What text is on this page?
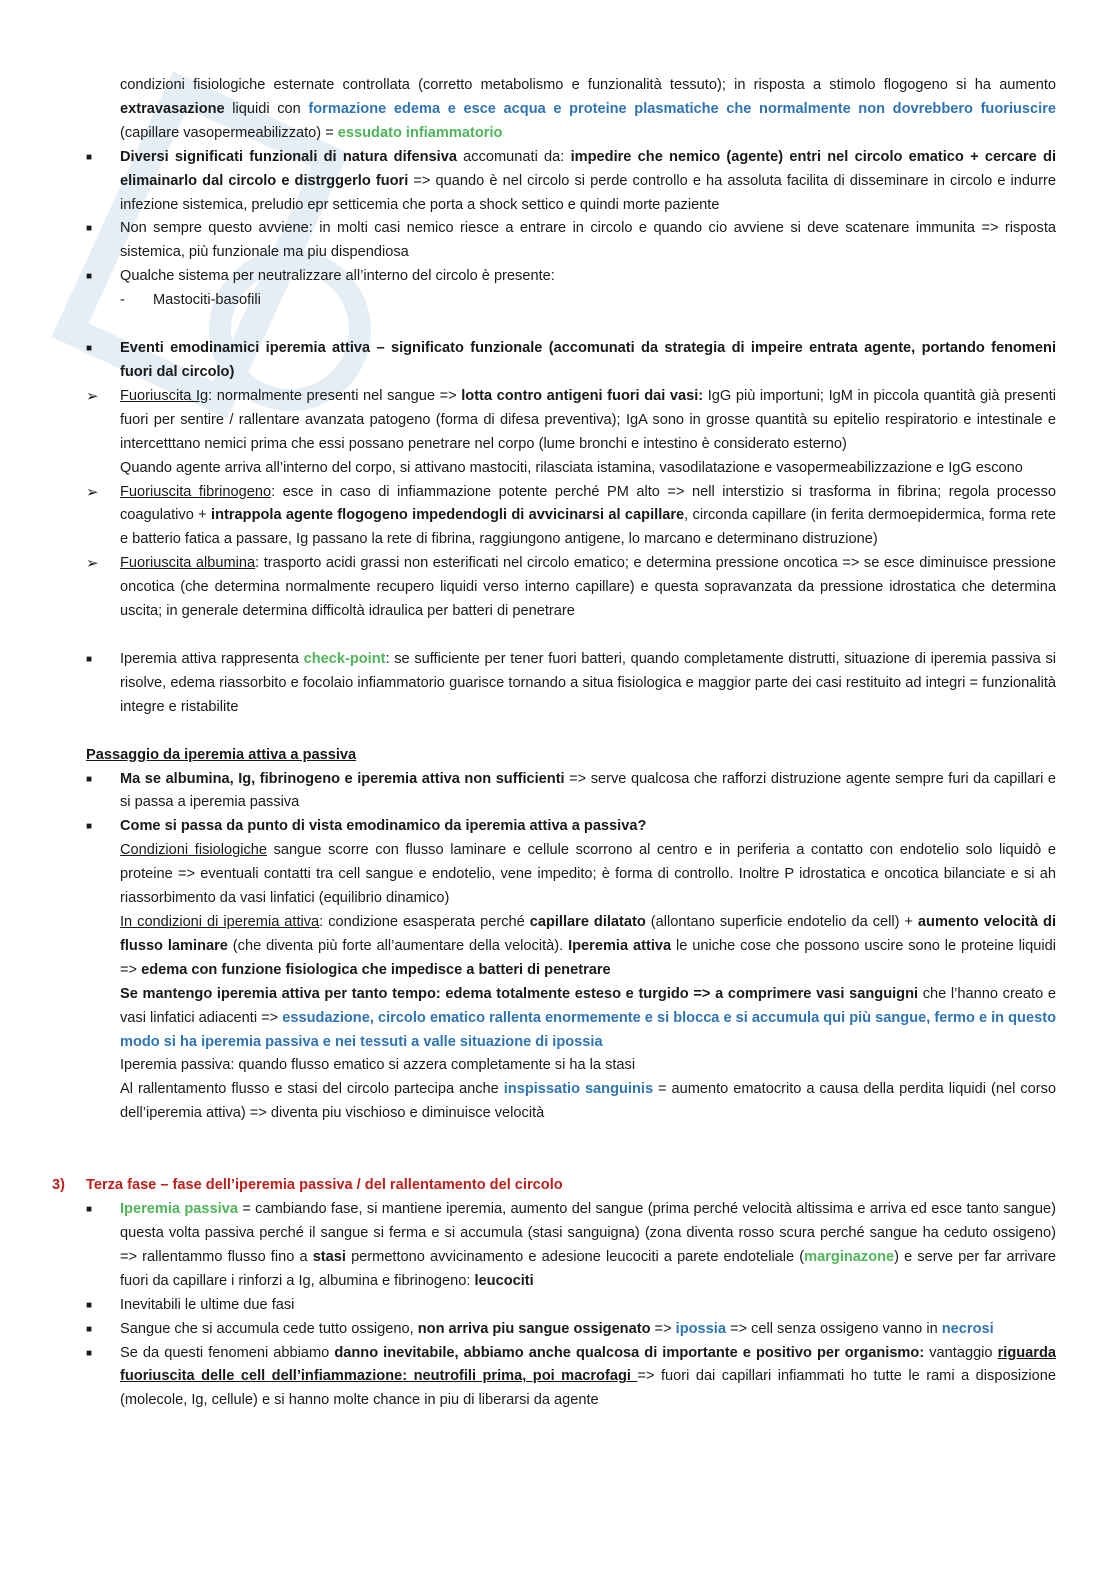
condizioni fisiologiche esternate controllata (corretto metabolismo e funzionalità tessuto); in risposta a stimolo flogogeno si ha aumento extravasazione liquidi con formazione edema e esce acqua e proteine plasmatiche che normalmente non dovrebbero fuoriuscire (capillare vasopermeabilizzato) = essudato infiammatorio

■	Diversi significati funzionali di natura difensiva accomunati da: impedire che nemico (agente) entri nel circolo ematico + cercare di elimainarlo dal circolo e distrggerlo fuori => quando è nel circolo si perde controllo e ha assoluta facilita di disseminare in circolo e indurre infezione sistemica, preludio epr setticemia che porta a shock settico e quindi morte paziente
■	Non sempre questo avviene: in molti casi nemico riesce a entrare in circolo e quando cio avviene si deve scatenare immunita => risposta sistemica, più funzionale ma piu dispendiosa
■	Qualche sistema per neutralizzare all’interno del circolo è presente:
-	Mastociti-basofili
■	Eventi emodinamici iperemia attiva – significato funzionale (accomunati da strategia di impeire entrata agente, portando fenomeni fuori dal circolo)
➢	Fuoriuscita Ig: normalmente presenti nel sangue => lotta contro antigeni fuori dai vasi: IgG più importuni; IgM in piccola quantità già presenti fuori per sentire / rallentare avanzata patogeno (forma di difesa preventiva); IgA sono in grosse quantità su epitelio respiratorio e intestinale e intercetttano nemici prima che essi possano penetrare nel corpo (lume bronchi e intestino è considerato esterno)
Quando agente arriva all’interno del corpo, si attivano mastociti, rilasciata istamina, vasodilatazione e vasopermeabilizzazione e IgG escono
➢	Fuoriuscita fibrinogeno: esce in caso di infiammazione potente perché PM alto => nell interstizio si trasforma in fibrina; regola processo coagulativo + intrappola agente flogogeno impedendogli di avvicinarsi al capillare, circonda capillare (in ferita dermoepidermica, forma rete e batterio fatica a passare, Ig passano la rete di fibrina, raggiungono antigene, lo marcano e determinano distruzione)
➢	Fuoriuscita albumina: trasporto acidi grassi non esterificati nel circolo ematico; e determina pressione oncotica => se esce diminuisce pressione oncotica (che determina normalmente recupero liquidi verso interno capillare) e questa sopravanzata da pressione idrostatica che determina uscita; in generale determina difficoltà idraulica per batteri di penetrare
■	Iperemia attiva rappresenta check-point: se sufficiente per tener fuori batteri, quando completamente distrutti, situazione di iperemia passiva si risolve, edema riassorbito e focolaio infiammatorio guarisce tornando a situa fisiologica e maggior parte dei casi restituito ad integri = funzionalità integre e ristabilite
Passaggio da iperemia attiva a passiva
■	Ma se albumina, Ig, fibrinogeno e iperemia attiva non sufficienti => serve qualcosa che rafforzi distruzione agente sempre furi da capillari e si passa a iperemia passiva
■	Come si passa da punto di vista emodinamico da iperemia attiva a passiva?
Condizioni fisiologiche sangue scorre con flusso laminare e cellule scorrono al centro e in periferia a contatto con endotelio solo liquidò e proteine => eventuali contatti tra cell sangue e endotelio, vene impedito; è forma di controllo. Inoltre P idrostatica e oncotica bilanciate e si ah riassorbimento da vasi linfatici (equilibrio dinamico)
In condizioni di iperemia attiva: condizione esasperata perché capillare dilatato (allontano superficie endotelio da cell) + aumento velocità di flusso laminare (che diventa più forte all’aumentare della velocità). Iperemia attiva le uniche cose che possono uscire sono le proteine liquidi => edema con funzione fisiologica che impedisce a batteri di penetrare
Se mantengo iperemia attiva per tanto tempo: edema totalmente esteso e turgido => a comprimere vasi sanguigni che l’hanno creato e vasi linfatici adiacenti => essudazione, circolo ematico rallenta enormemente e si blocca e si accumula qui più sangue, fermo e in questo modo si ha iperemia passiva e nei tessuti a valle situazione di ipossia
Iperemia passiva: quando flusso ematico si azzera completamente si ha la stasi
Al rallentamento flusso e stasi del circolo partecipa anche inspissatio sanguinis = aumento ematocrito a causa della perdita liquidi (nel corso dell’iperemia attiva) => diventa piu vischioso e diminuisce velocità
3) Terza fase – fase dell’iperemia passiva / del rallentamento del circolo
■	Iperemia passiva = cambiando fase, si mantiene iperemia, aumento del sangue (prima perché velocità altissima e arriva ed esce tanto sangue) questa volta passiva perché il sangue si ferma e si accumula (stasi sanguigna) (zona diventa rosso scura perché sangue ha ceduto ossigeno) => rallentammo flusso fino a stasi permettono avvicinamento e adesione leucociti a parete endoteliale (marginazone) e serve per far arrivare fuori da capillare i rinforzi a Ig, albumina e fibrinogeno: leucociti
■	Inevitabili le ultime due fasi
■	Sangue che si accumula cede tutto ossigeno, non arriva piu sangue ossigenato => ipossia => cell senza ossigeno vanno in necrosi
■	Se da questi fenomeni abbiamo danno inevitabile, abbiamo anche qualcosa di importante e positivo per organismo: vantaggio riguarda fuoriuscita delle cell dell’infiammazione: neutrofili prima, poi macrofagi => fuori dai capillari infiammati ho tutte le rami a disposizione (molecole, Ig, cellule) e si hanno molte chance in piu di liberarsi da agente
